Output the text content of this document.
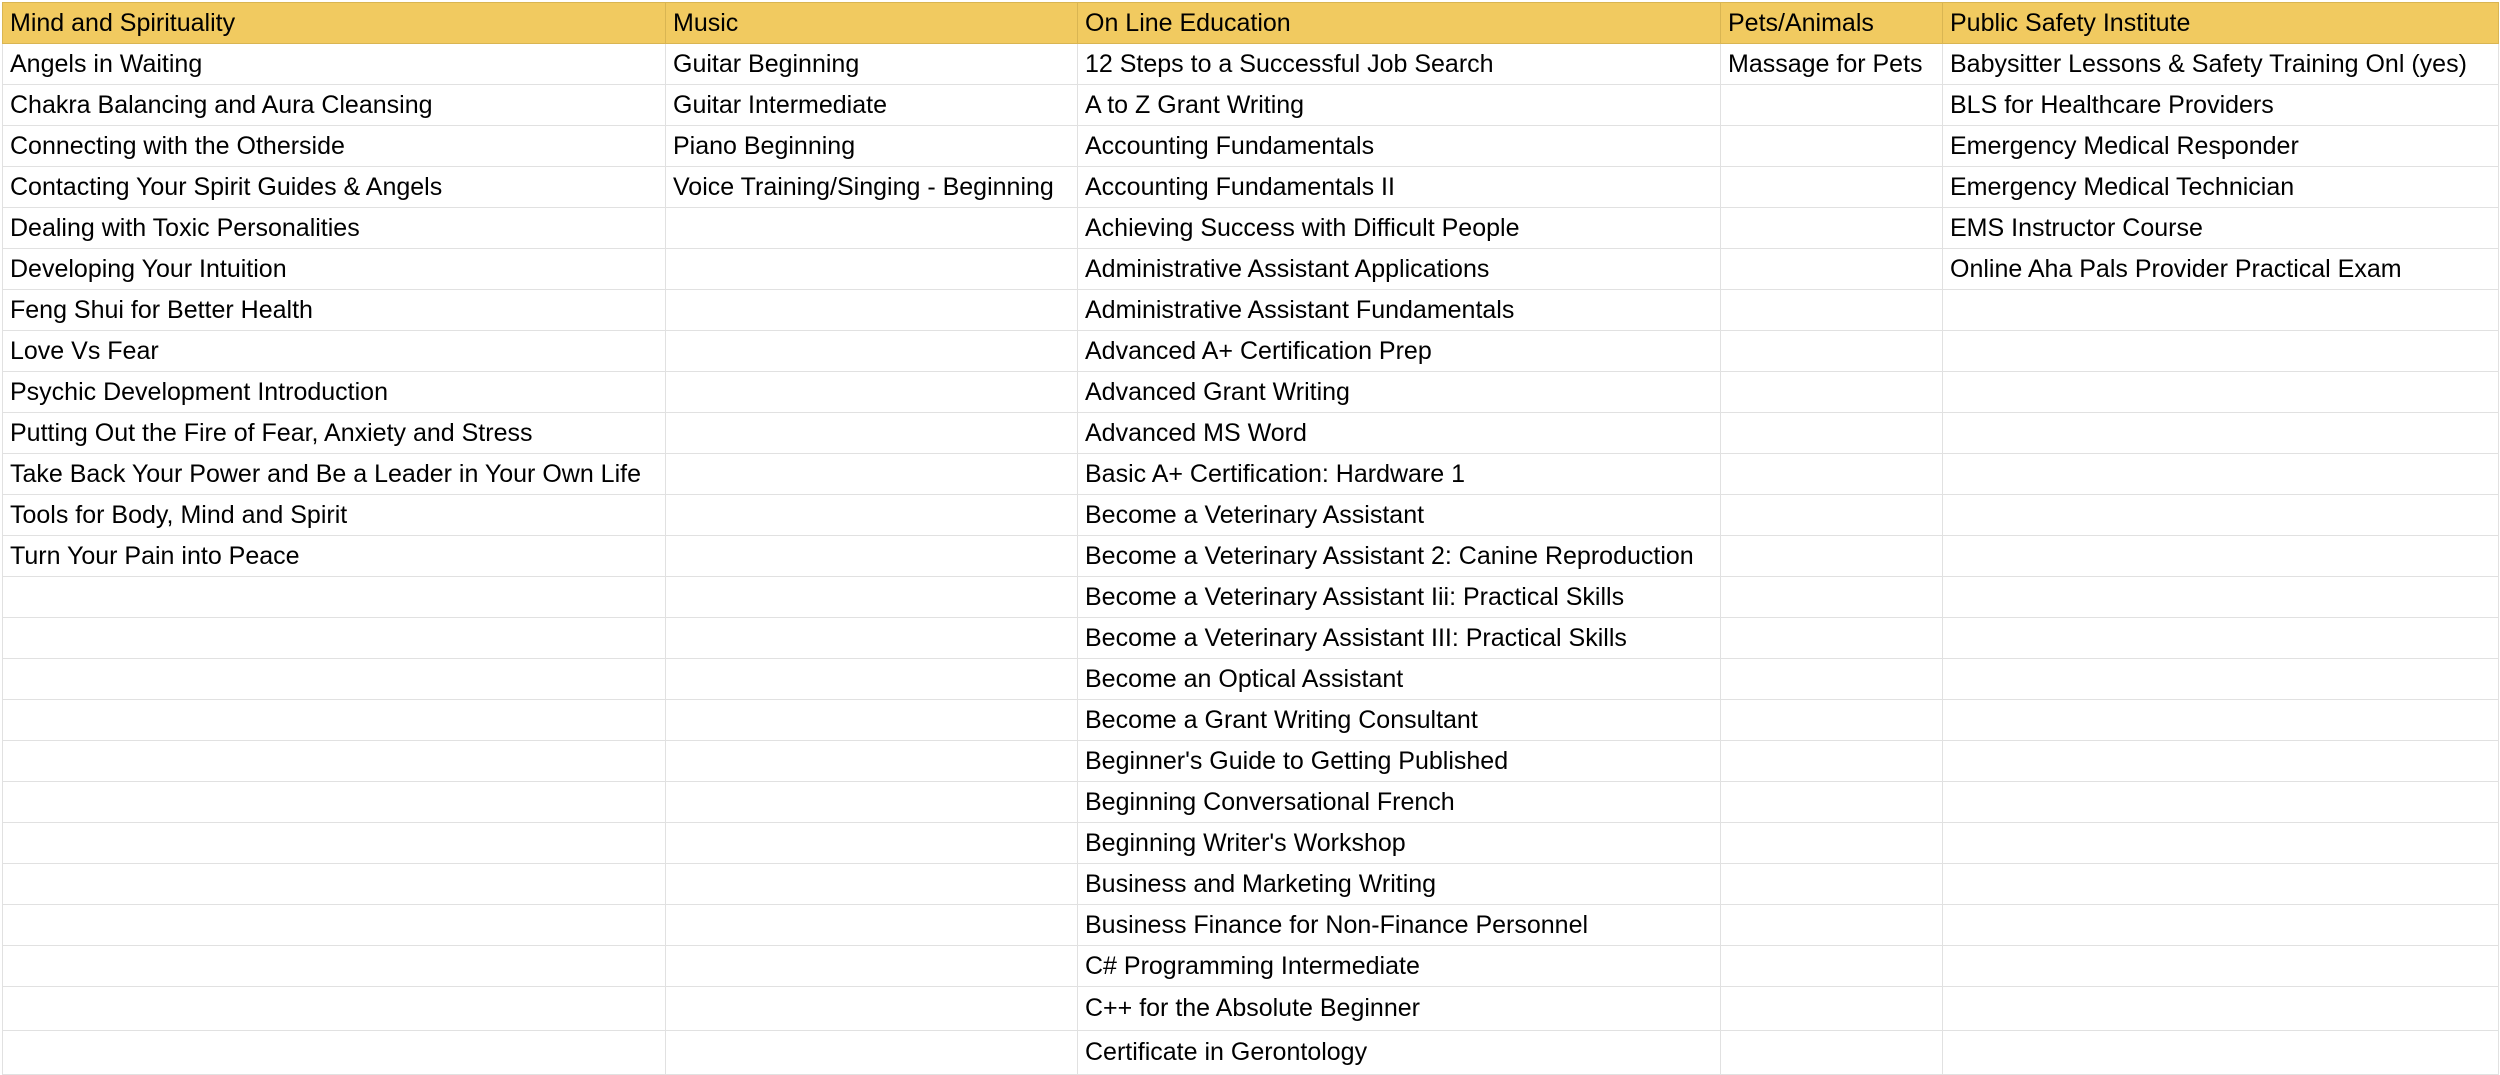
Mind and Spirituality	Music	On Line Education	Pets/Animals	Public Safety Institute
Angels in Waiting	Guitar Beginning	12 Steps to a Successful Job Search	Massage for Pets	Babysitter Lessons & Safety Training Onl (yes)
Chakra Balancing and Aura Cleansing	Guitar Intermediate	A to Z Grant Writing		BLS for Healthcare Providers
Connecting with the Otherside	Piano Beginning	Accounting Fundamentals		Emergency Medical Responder
Contacting Your Spirit Guides & Angels	Voice Training/Singing - Beginning	Accounting Fundamentals II		Emergency Medical Technician
Dealing with Toxic Personalities		Achieving Success with Difficult People		EMS Instructor Course
Developing Your Intuition		Administrative Assistant Applications		Online Aha Pals Provider Practical Exam
Feng Shui for Better Health		Administrative Assistant Fundamentals		
Love Vs Fear		Advanced A+ Certification Prep		
Psychic Development Introduction		Advanced Grant Writing		
Putting Out the Fire of Fear, Anxiety and Stress		Advanced MS Word		
Take Back Your Power and Be a Leader in Your Own Life		Basic A+ Certification: Hardware 1		
Tools for Body, Mind and Spirit		Become a Veterinary Assistant		
Turn Your Pain into Peace		Become a Veterinary Assistant 2: Canine Reproduction		
		Become a Veterinary Assistant Iii: Practical Skills		
		Become a Veterinary Assistant III: Practical Skills		
		Become an Optical Assistant		
		Become a Grant Writing Consultant		
		Beginner's Guide to Getting Published		
		Beginning Conversational French		
		Beginning Writer's Workshop		
		Business and Marketing Writing		
		Business Finance for Non-Finance Personnel		
		C# Programming Intermediate		
		C++ for the Absolute Beginner		
		Certificate in Gerontology		
